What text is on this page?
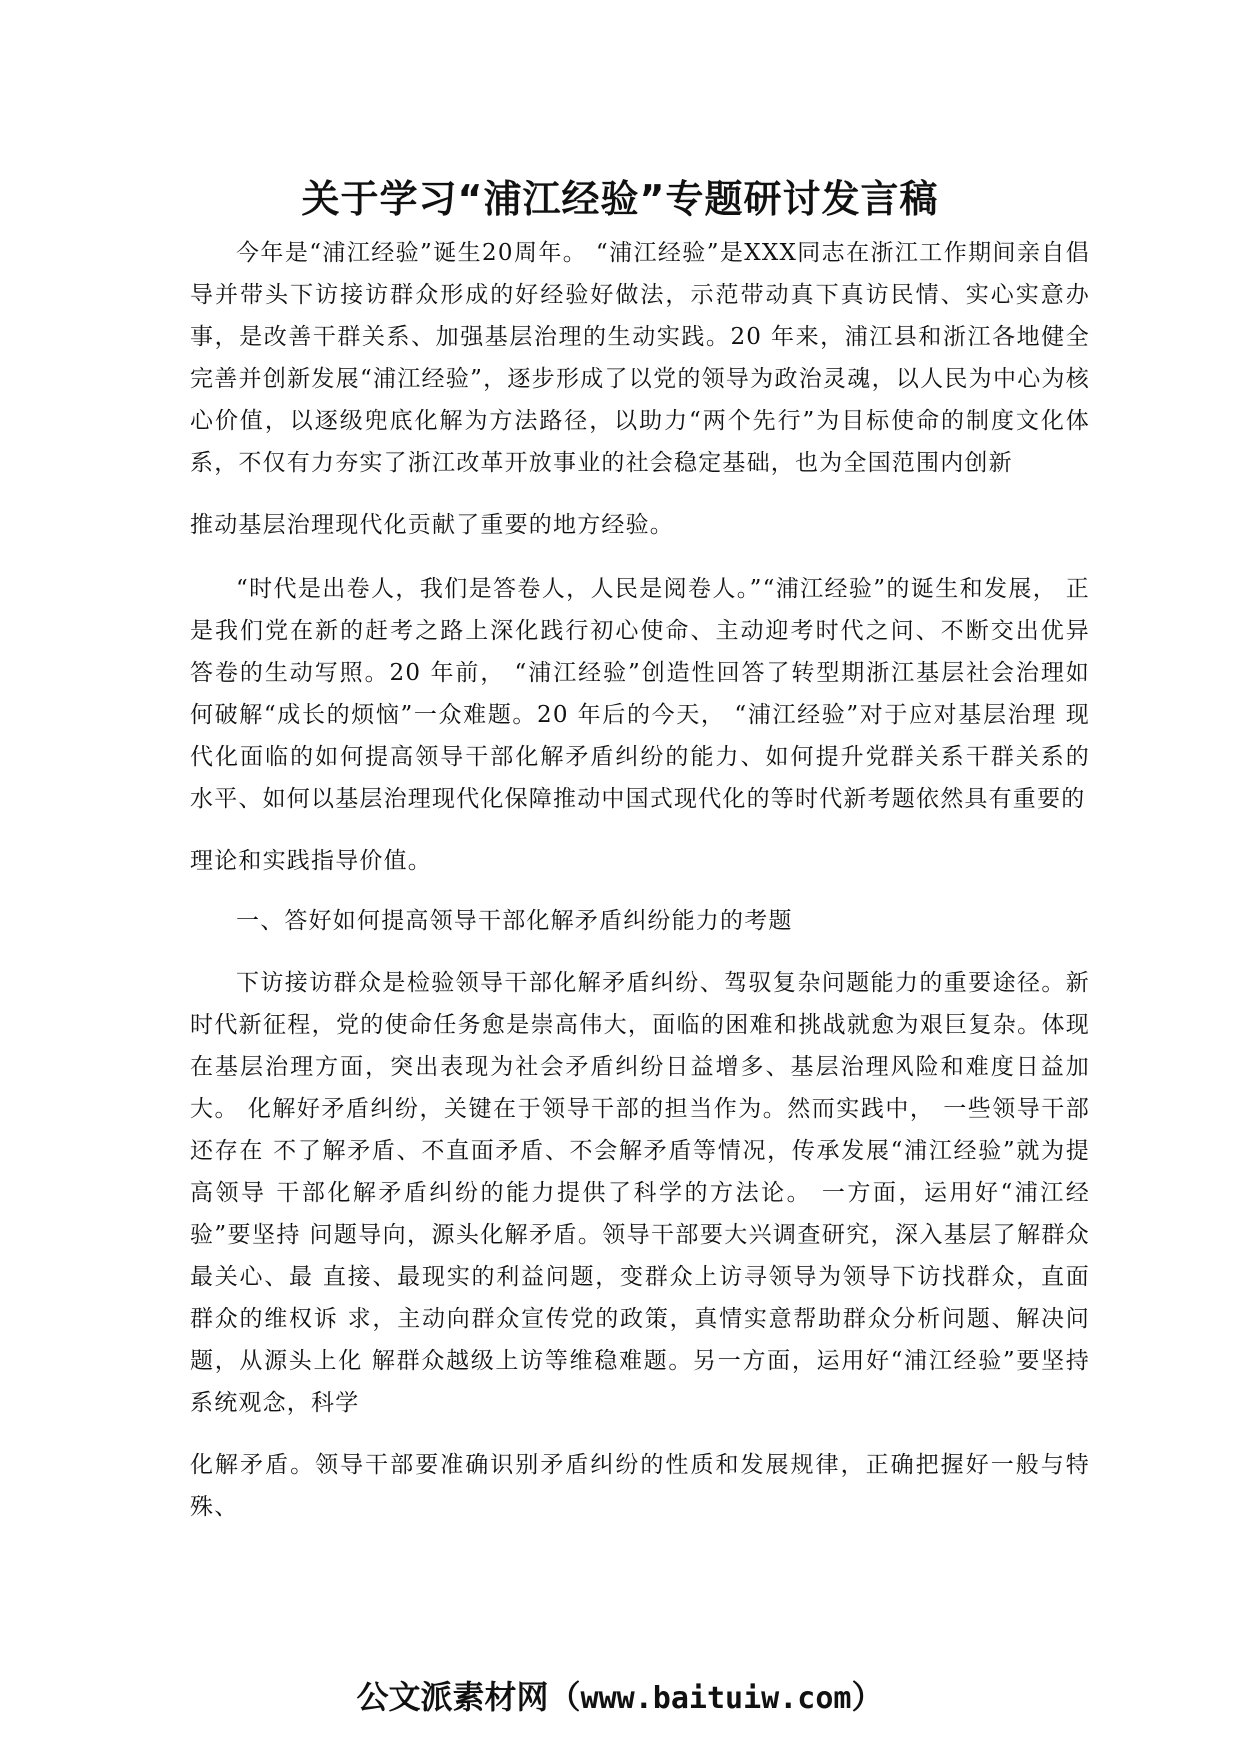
关于学习“浦江经验”专题研讨发言稿

今年是“浦江经验”诞生20周年。 “浦江经验”是XXX同志在浙江工作期间亲自倡导并带头下访接访群众形成的好经验好做法，示范带动真下真访民情、实心实意办事，是改善干群关系、加强基层治理的生动实践。20 年来，浦江县和浙江各地健全完善并创新发展“浦江经验”，逐步形成了以党的领导为政治灵魂，以人民为中心为核心价值，以逐级兜底化解为方法路径，以助力“两个先行”为目标使命的制度文化体系，不仅有力夯实了浙江改革开放事业的社会稳定基础，也为全国范围内创新

推动基层治理现代化贡献了重要的地方经验。

“时代是出卷人，我们是答卷人，人民是阅卷人。”“浦江经验”的诞生和发展， 正是我们党在新的赶考之路上深化践行初心使命、主动迎考时代之问、不断交出优异 答卷的生动写照。20 年前， “浦江经验”创造性回答了转型期浙江基层社会治理如 何破解“成长的烦恼”一众难题。20 年后的今天， “浦江经验”对于应对基层治理 现代化面临的如何提高领导干部化解矛盾纠纷的能力、如何提升党群关系干群关系的 水平、如何以基层治理现代化保障推动中国式现代化的等时代新考题依然具有重要的

理论和实践指导价值。

一、答好如何提高领导干部化解矛盾纠纷能力的考题

下访接访群众是检验领导干部化解矛盾纠纷、驾驭复杂问题能力的重要途径。新时代新征程，党的使命任务愈是崇高伟大，面临的困难和挑战就愈为艰巨复杂。体现在基层治理方面，突出表现为社会矛盾纠纷日益增多、基层治理风险和难度日益加 大。 化解好矛盾纠纷，关键在于领导干部的担当作为。然而实践中， 一些领导干部还存在 不了解矛盾、不直面矛盾、不会解矛盾等情况，传承发展“浦江经验”就为提高领导 干部化解矛盾纠纷的能力提供了科学的方法论。 一方面，运用好“浦江经验”要坚持 问题导向，源头化解矛盾。领导干部要大兴调查研究，深入基层了解群众最关心、最 直接、最现实的利益问题，变群众上访寻领导为领导下访找群众，直面群众的维权诉 求，主动向群众宣传党的政策，真情实意帮助群众分析问题、解决问题，从源头上化 解群众越级上访等维稳难题。另一方面，运用好“浦江经验”要坚持系统观念，科学

化解矛盾。领导干部要准确识别矛盾纠纷的性质和发展规律，正确把握好一般与特殊、

公文派素材网（www.baituiw.com）
